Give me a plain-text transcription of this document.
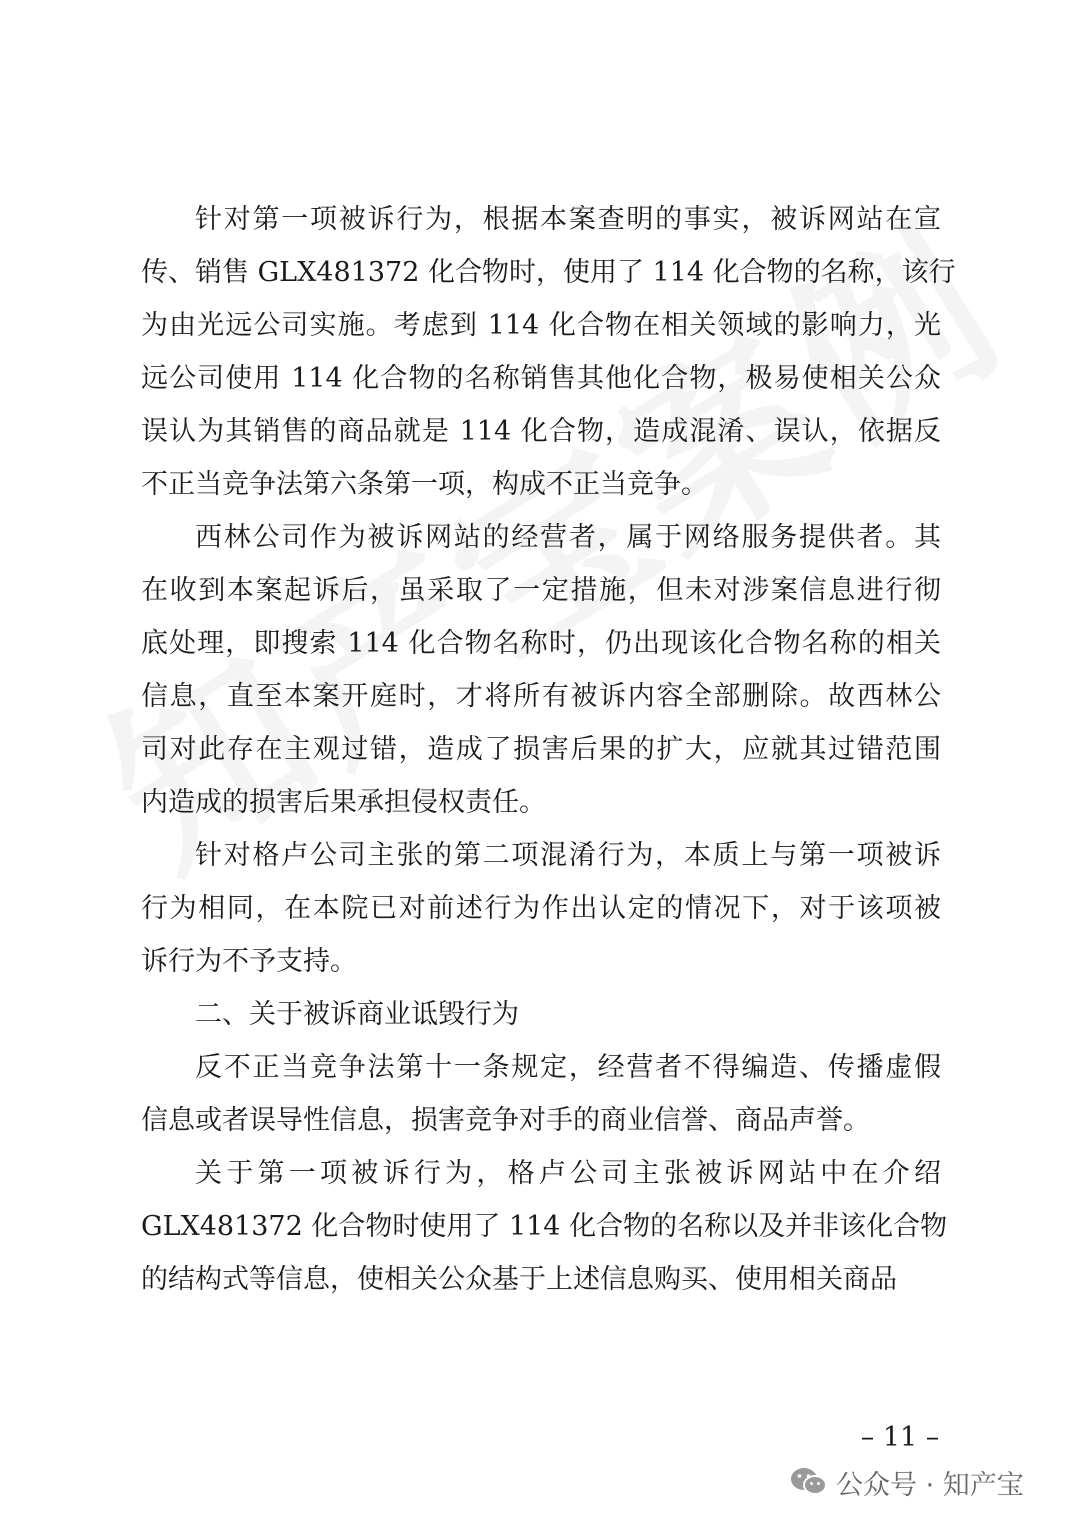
针对第一项被诉行为，根据本案查明的事实，被诉网站在宣
传、销售 GLX481372 化合物时，使用了 114 化合物的名称，该行
为由光远公司实施。考虑到 114 化合物在相关领域的影响力，光
远公司使用 114 化合物的名称销售其他化合物，极易使相关公众
误认为其销售的商品就是 114 化合物，造成混淆、误认，依据反
不正当竞争法第六条第一项，构成不正当竞争。
西林公司作为被诉网站的经营者，属于网络服务提供者。其
在收到本案起诉后，虽采取了一定措施，但未对涉案信息进行彻
底处理，即搜索 114 化合物名称时，仍出现该化合物名称的相关
信息，直至本案开庭时，才将所有被诉内容全部删除。故西林公
司对此存在主观过错，造成了损害后果的扩大，应就其过错范围
内造成的损害后果承担侵权责任。
针对格卢公司主张的第二项混淆行为，本质上与第一项被诉
行为相同，在本院已对前述行为作出认定的情况下，对于该项被
诉行为不予支持。
二、关于被诉商业诋毁行为
反不正当竞争法第十一条规定，经营者不得编造、传播虚假
信息或者误导性信息，损害竞争对手的商业信誉、商品声誉。
关于第一项被诉行为，格卢公司主张被诉网站中在介绍
GLX481372 化合物时使用了 114 化合物的名称以及并非该化合物
的结构式等信息，使相关公众基于上述信息购买、使用相关商品
– 11 –
公众号 · 知产宝
